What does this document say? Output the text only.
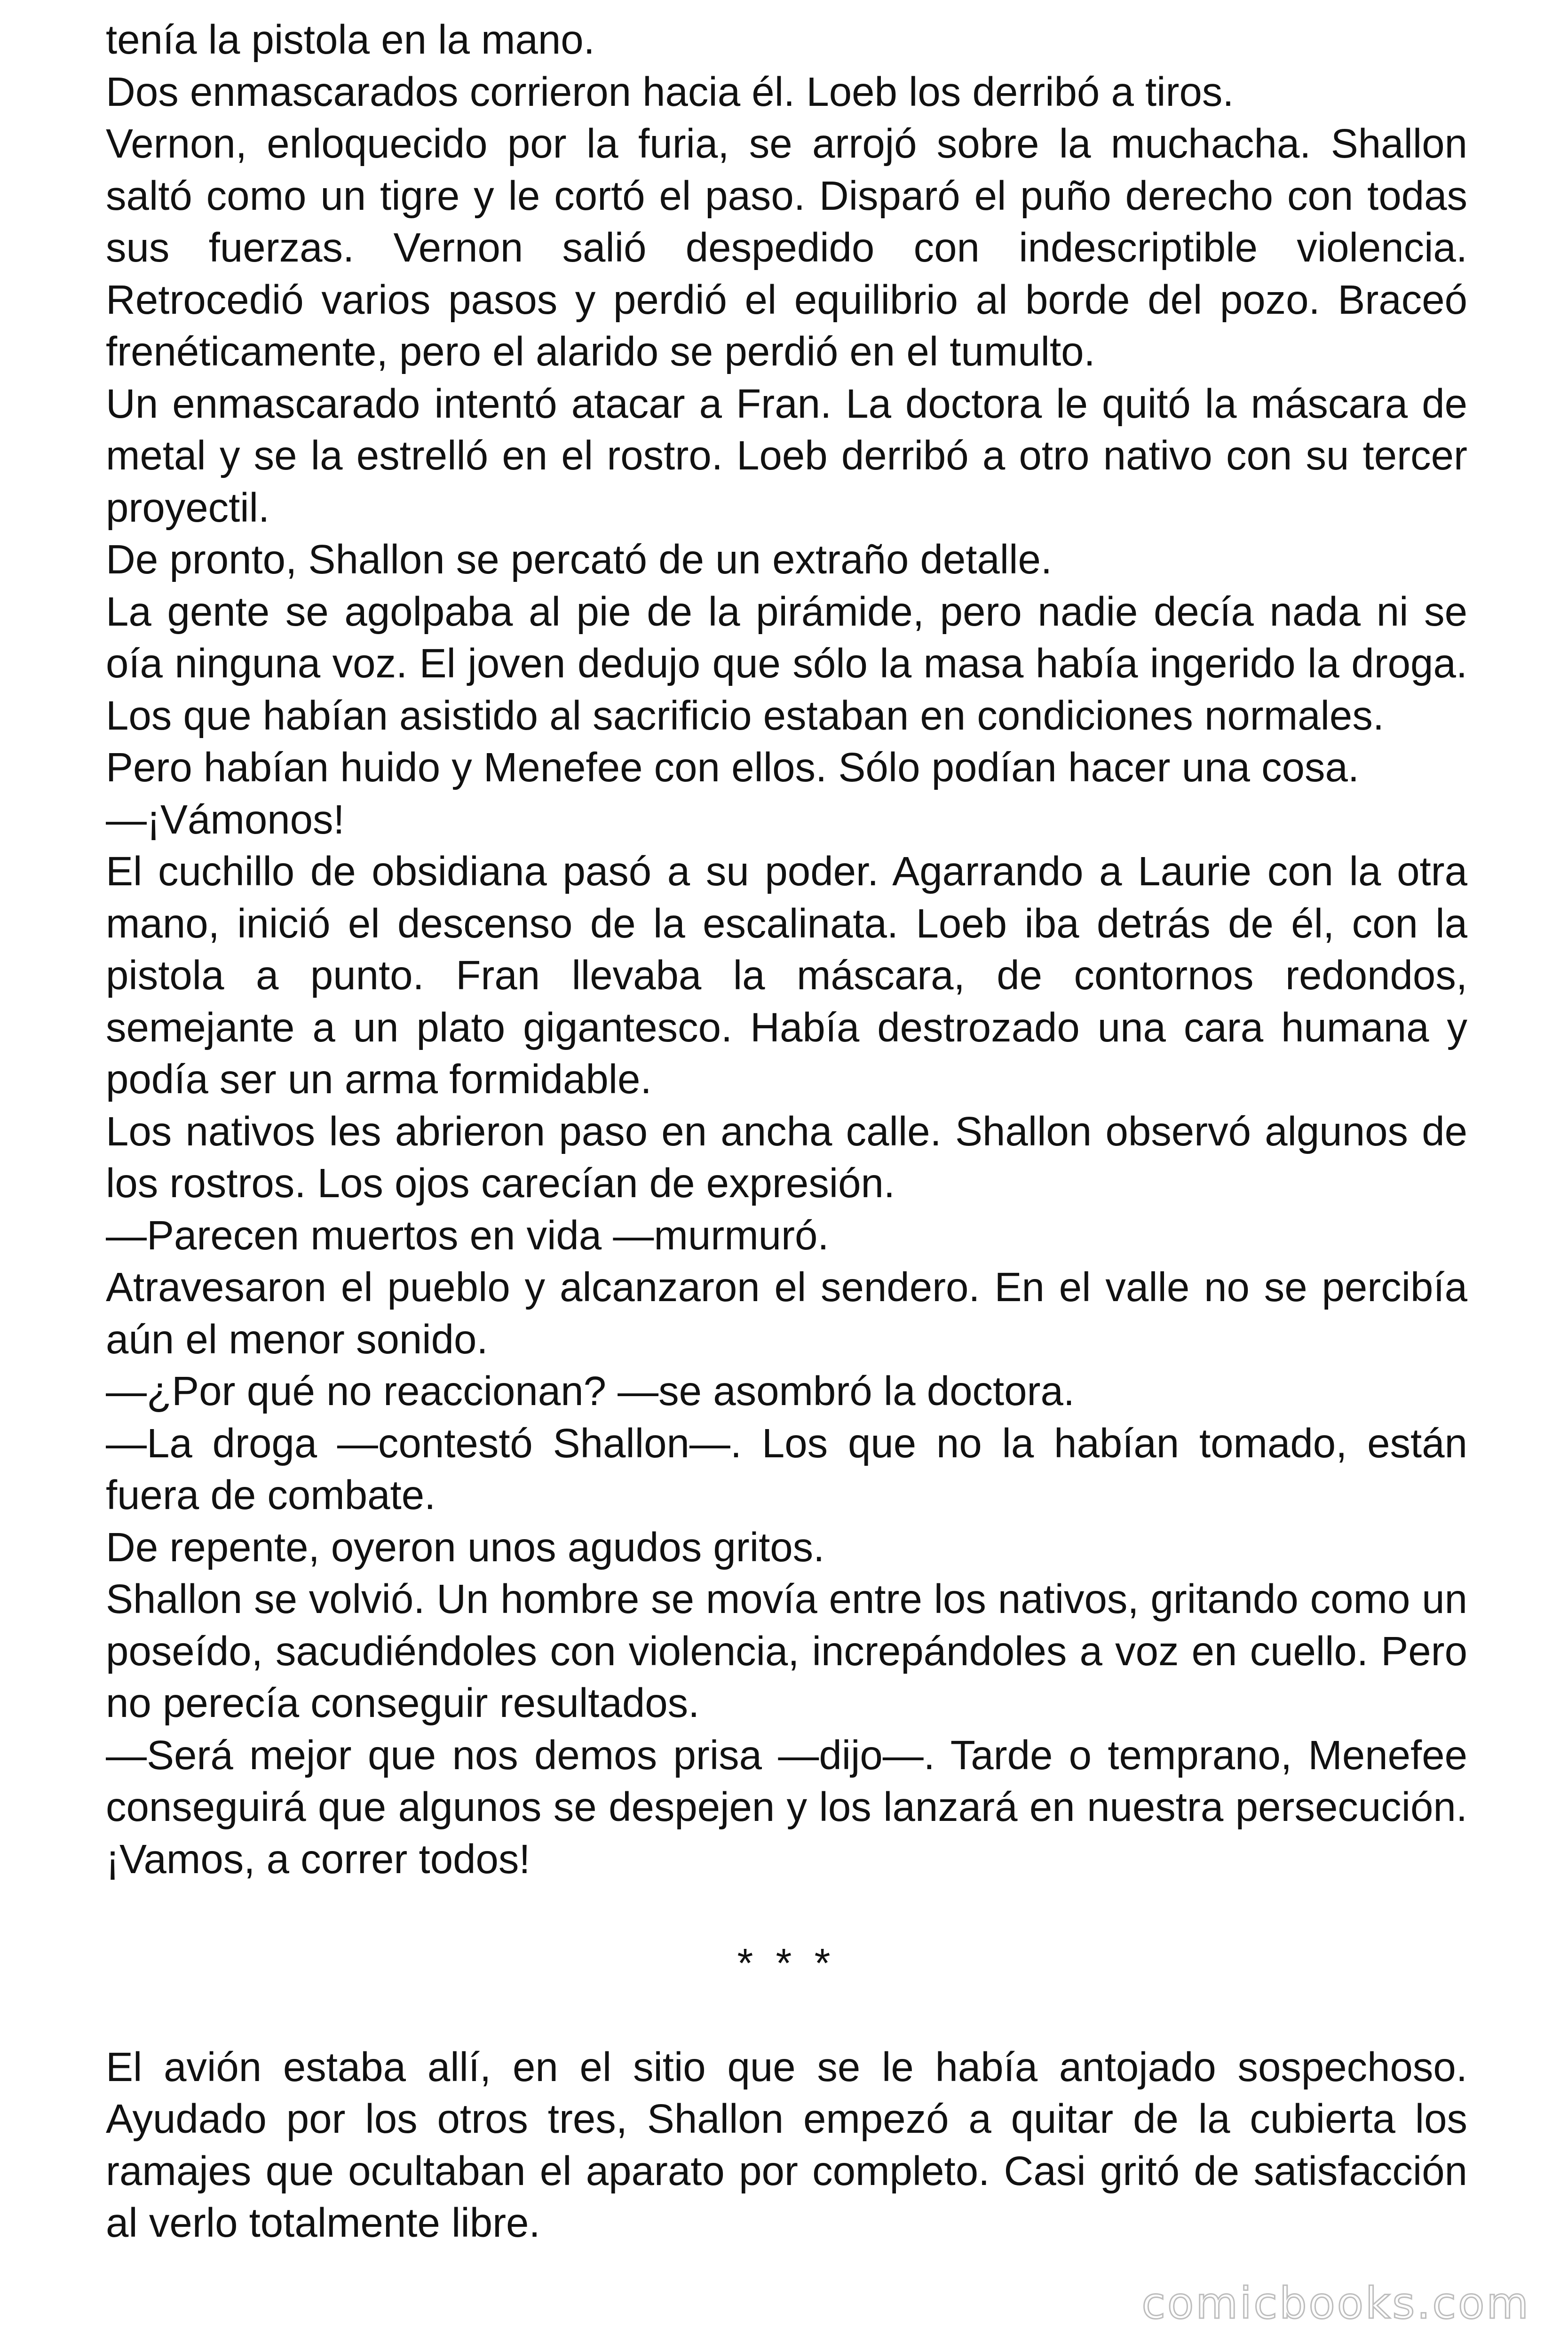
tenía la pistola en la mano.

Dos enmascarados corrieron hacia él. Loeb los derribó a tiros.

Vernon, enloquecido por la furia, se arrojó sobre la muchacha. Shallon saltó como un tigre y le cortó el paso. Disparó el puño derecho con todas sus fuerzas. Vernon salió despedido con indescriptible violencia. Retrocedió varios pasos y perdió el equilibrio al borde del pozo. Braceó frenéticamente, pero el alarido se perdió en el tumulto.

Un enmascarado intentó atacar a Fran. La doctora le quitó la máscara de metal y se la estrelló en el rostro. Loeb derribó a otro nativo con su tercer proyectil.

De pronto, Shallon se percató de un extraño detalle.

La gente se agolpaba al pie de la pirámide, pero nadie decía nada ni se oía ninguna voz. El joven dedujo que sólo la masa había ingerido la droga. Los que habían asistido al sacrificio estaban en condiciones normales.

Pero habían huido y Menefee con ellos. Sólo podían hacer una cosa.

—¡Vámonos!

El cuchillo de obsidiana pasó a su poder. Agarrando a Laurie con la otra mano, inició el descenso de la escalinata. Loeb iba detrás de él, con la pistola a punto. Fran llevaba la máscara, de contornos redondos, semejante a un plato gigantesco. Había destrozado una cara humana y podía ser un arma formidable.

Los nativos les abrieron paso en ancha calle. Shallon observó algunos de los rostros. Los ojos carecían de expresión.

—Parecen muertos en vida —murmuró.

Atravesaron el pueblo y alcanzaron el sendero. En el valle no se percibía aún el menor sonido.

—¿Por qué no reaccionan? —se asombró la doctora.

—La droga —contestó Shallon—. Los que no la habían tomado, están fuera de combate.

De repente, oyeron unos agudos gritos.

Shallon se volvió. Un hombre se movía entre los nativos, gritando como un poseído, sacudiéndoles con violencia, increpándoles a voz en cuello. Pero no perecía conseguir resultados.

—Será mejor que nos demos prisa —dijo—. Tarde o temprano, Menefee conseguirá que algunos se despejen y los lanzará en nuestra persecución. ¡Vamos, a correr todos!

* * *

El avión estaba allí, en el sitio que se le había antojado sospechoso. Ayudado por los otros tres, Shallon empezó a quitar de la cubierta los ramajes que ocultaban el aparato por completo. Casi gritó de satisfacción al verlo totalmente libre.

comicbooks.com
